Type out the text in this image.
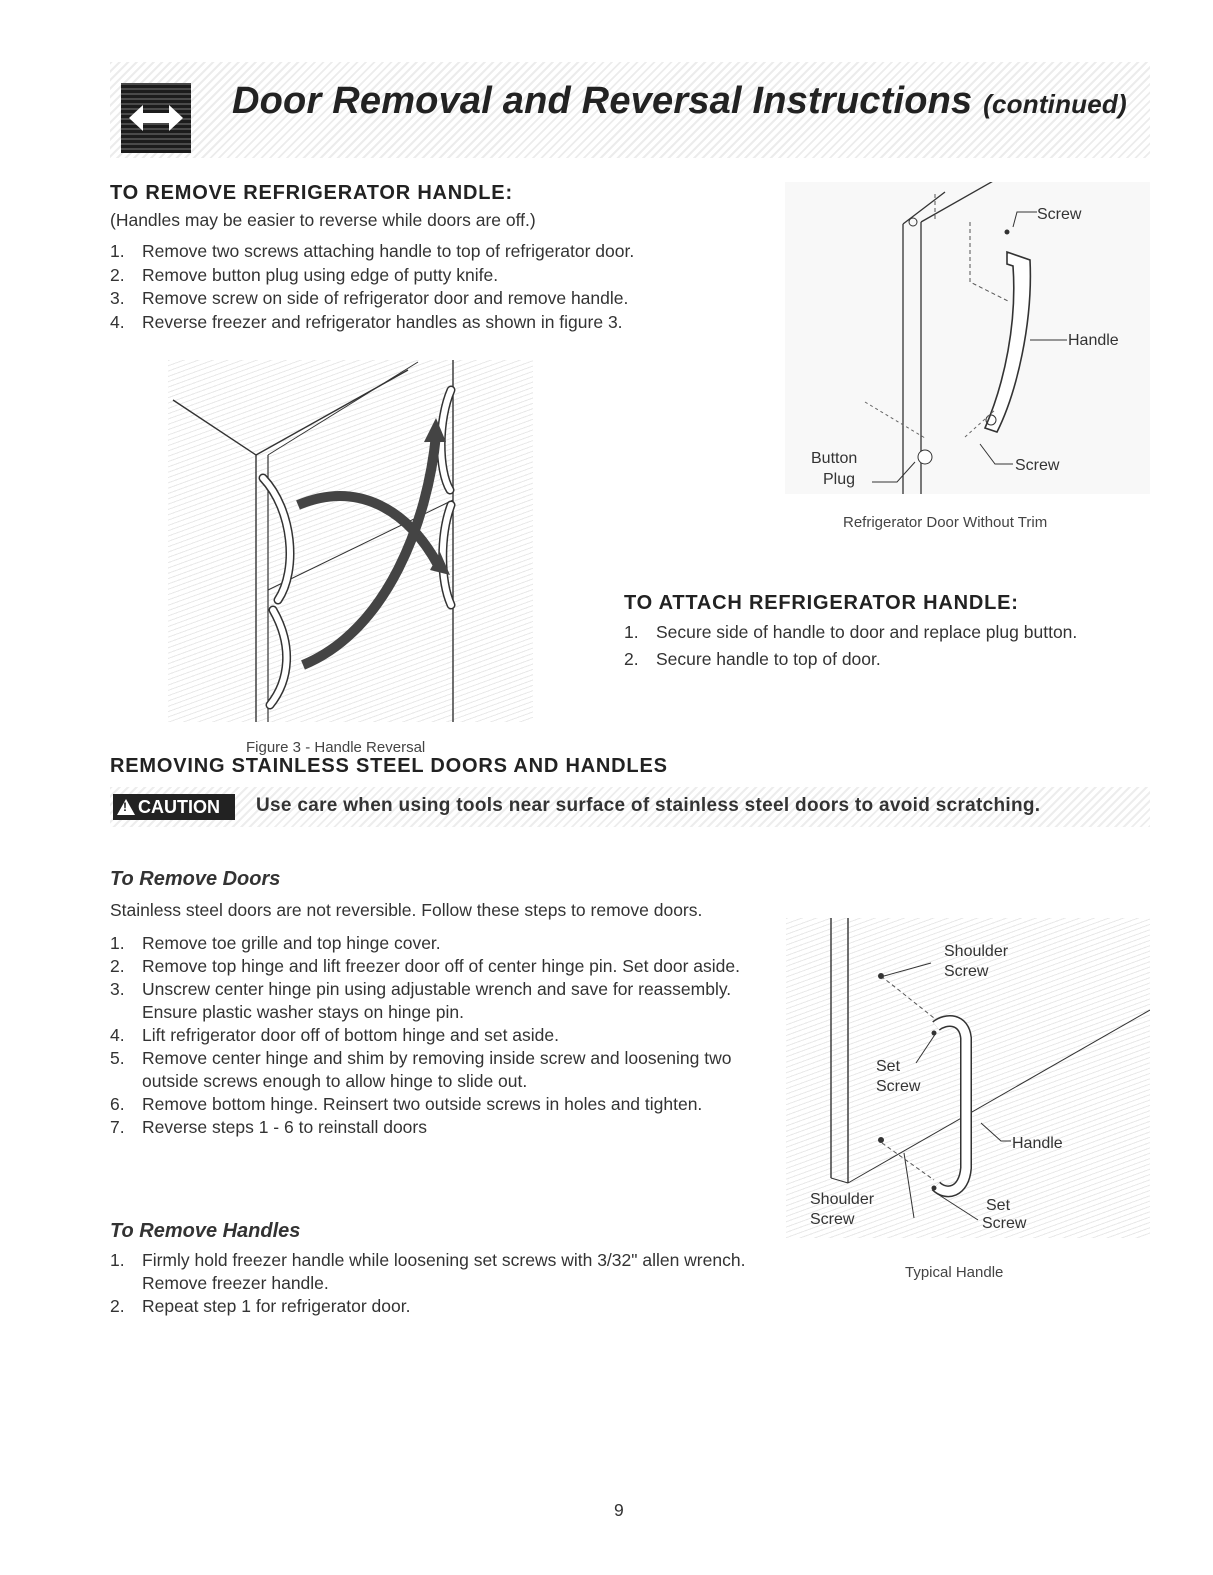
Door Removal and Reversal Instructions (continued)
TO REMOVE REFRIGERATOR HANDLE:

(Handles may be easier to reverse while doors are off.)

1. Remove two screws attaching handle to top of refrigerator door.
2. Remove button plug using edge of putty knife.
3. Remove screw on side of refrigerator door and remove handle.
4. Reverse freezer and refrigerator handles as shown in figure 3.
Screw
Handle
Button
Plug
Screw

Refrigerator Door Without Trim

Figure 3 - Handle Reversal

TO ATTACH REFRIGERATOR HANDLE:
1. Secure side of handle to door and replace plug button.
2. Secure handle to top of door.
REMOVING STAINLESS STEEL DOORS AND HANDLES
!
CAUTION Use care when using tools near surface of stainless steel doors to avoid scratching.

To Remove Doors

Stainless steel doors are not reversible. Follow these steps to remove doors.

1. Remove toe grille and top hinge cover.
2. Remove top hinge and lift freezer door off of center hinge pin. Set door aside.
3. Unscrew center hinge pin using adjustable wrench and save for reassembly. Ensure plastic washer stays on hinge pin.
4. Lift refrigerator door off of bottom hinge and set aside.
5. Remove center hinge and shim by removing inside screw and loosening two outside screws enough to allow hinge to slide out.
6. Remove bottom hinge. Reinsert two outside screws in holes and tighten.
7. Reverse steps 1 - 6 to reinstall doors
To Remove Handles
1. Firmly hold freezer handle while loosening set screws with 3/32" allen wrench. Remove freezer handle.
2. Repeat step 1 for refrigerator door.
Shoulder
Screw
Set
Screw
Handle
Shoulder
Screw
Set
Screw

Typical Handle

9
